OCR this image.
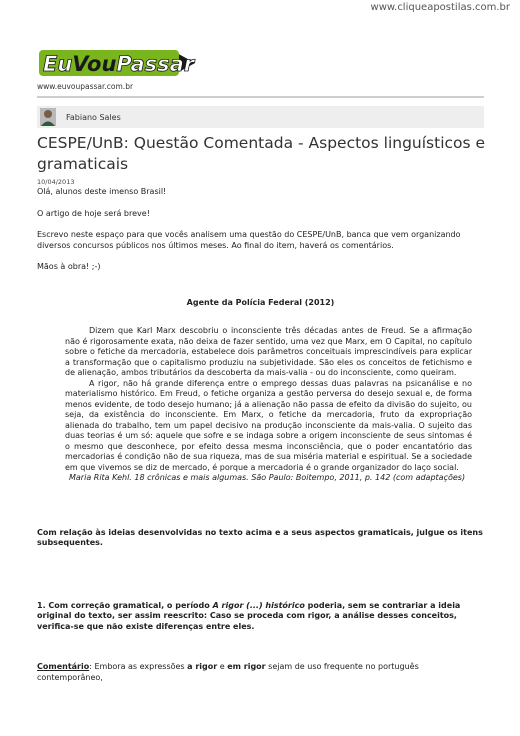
www.cliqueapostilas.com.br
EuVouPassar
www.euvoupassar.com.br
Fabiano Sales
CESPE/UnB: Questão Comentada - Aspectos linguísticos e gramaticais
10/04/2013

Olá, alunos deste imenso Brasil!

O artigo de hoje será breve!

Escrevo neste espaço para que vocês analisem uma questão do CESPE/UnB, banca que vem organizando diversos concursos públicos nos últimos meses. Ao final do item, haverá os comentários.

Mãos à obra! ;-)

Agente da Polícia Federal (2012)

Dizem que Karl Marx descobriu o inconsciente três décadas antes de Freud. Se a afirmação não é rigorosamente exata, não deixa de fazer sentido, uma vez que Marx, em O Capital, no capítulo sobre o fetiche da mercadoria, estabelece dois parâmetros conceituais imprescindíveis para explicar a transformação que o capitalismo produziu na subjetividade. São eles os conceitos de fetichismo e de alienação, ambos tributários da descoberta da mais-valia - ou do inconsciente, como queiram.

A rigor, não há grande diferença entre o emprego dessas duas palavras na psicanálise e no materialismo histórico. Em Freud, o fetiche organiza a gestão perversa do desejo sexual e, de forma menos evidente, de todo desejo humano; já a alienação não passa de efeito da divisão do sujeito, ou seja, da existência do inconsciente. Em Marx, o fetiche da mercadoria, fruto da expropriação alienada do trabalho, tem um papel decisivo na produção inconsciente da mais-valia. O sujeito das duas teorias é um só: aquele que sofre e se indaga sobre a origem inconsciente de seus sintomas é o mesmo que desconhece, por efeito dessa mesma inconsciência, que o poder encantatório das mercadorias é condição não de sua riqueza, mas de sua miséria material e espiritual. Se a sociedade em que vivemos se diz de mercado, é porque a mercadoria é o grande organizador do laço social.

Maria Rita Kehl. 18 crônicas e mais algumas. São Paulo: Boitempo, 2011, p. 142 (com adaptações)

Com relação às ideias desenvolvidas no texto acima e a seus aspectos gramaticais, julgue os itens subsequentes.

1. Com correção gramatical, o período A rigor (...) histórico poderia, sem se contrariar a ideia original do texto, ser assim reescrito: Caso se proceda com rigor, a análise desses conceitos, verifica-se que não existe diferenças entre eles.

Comentário: Embora as expressões a rigor e em rigor sejam de uso frequente no português contemporâneo,
